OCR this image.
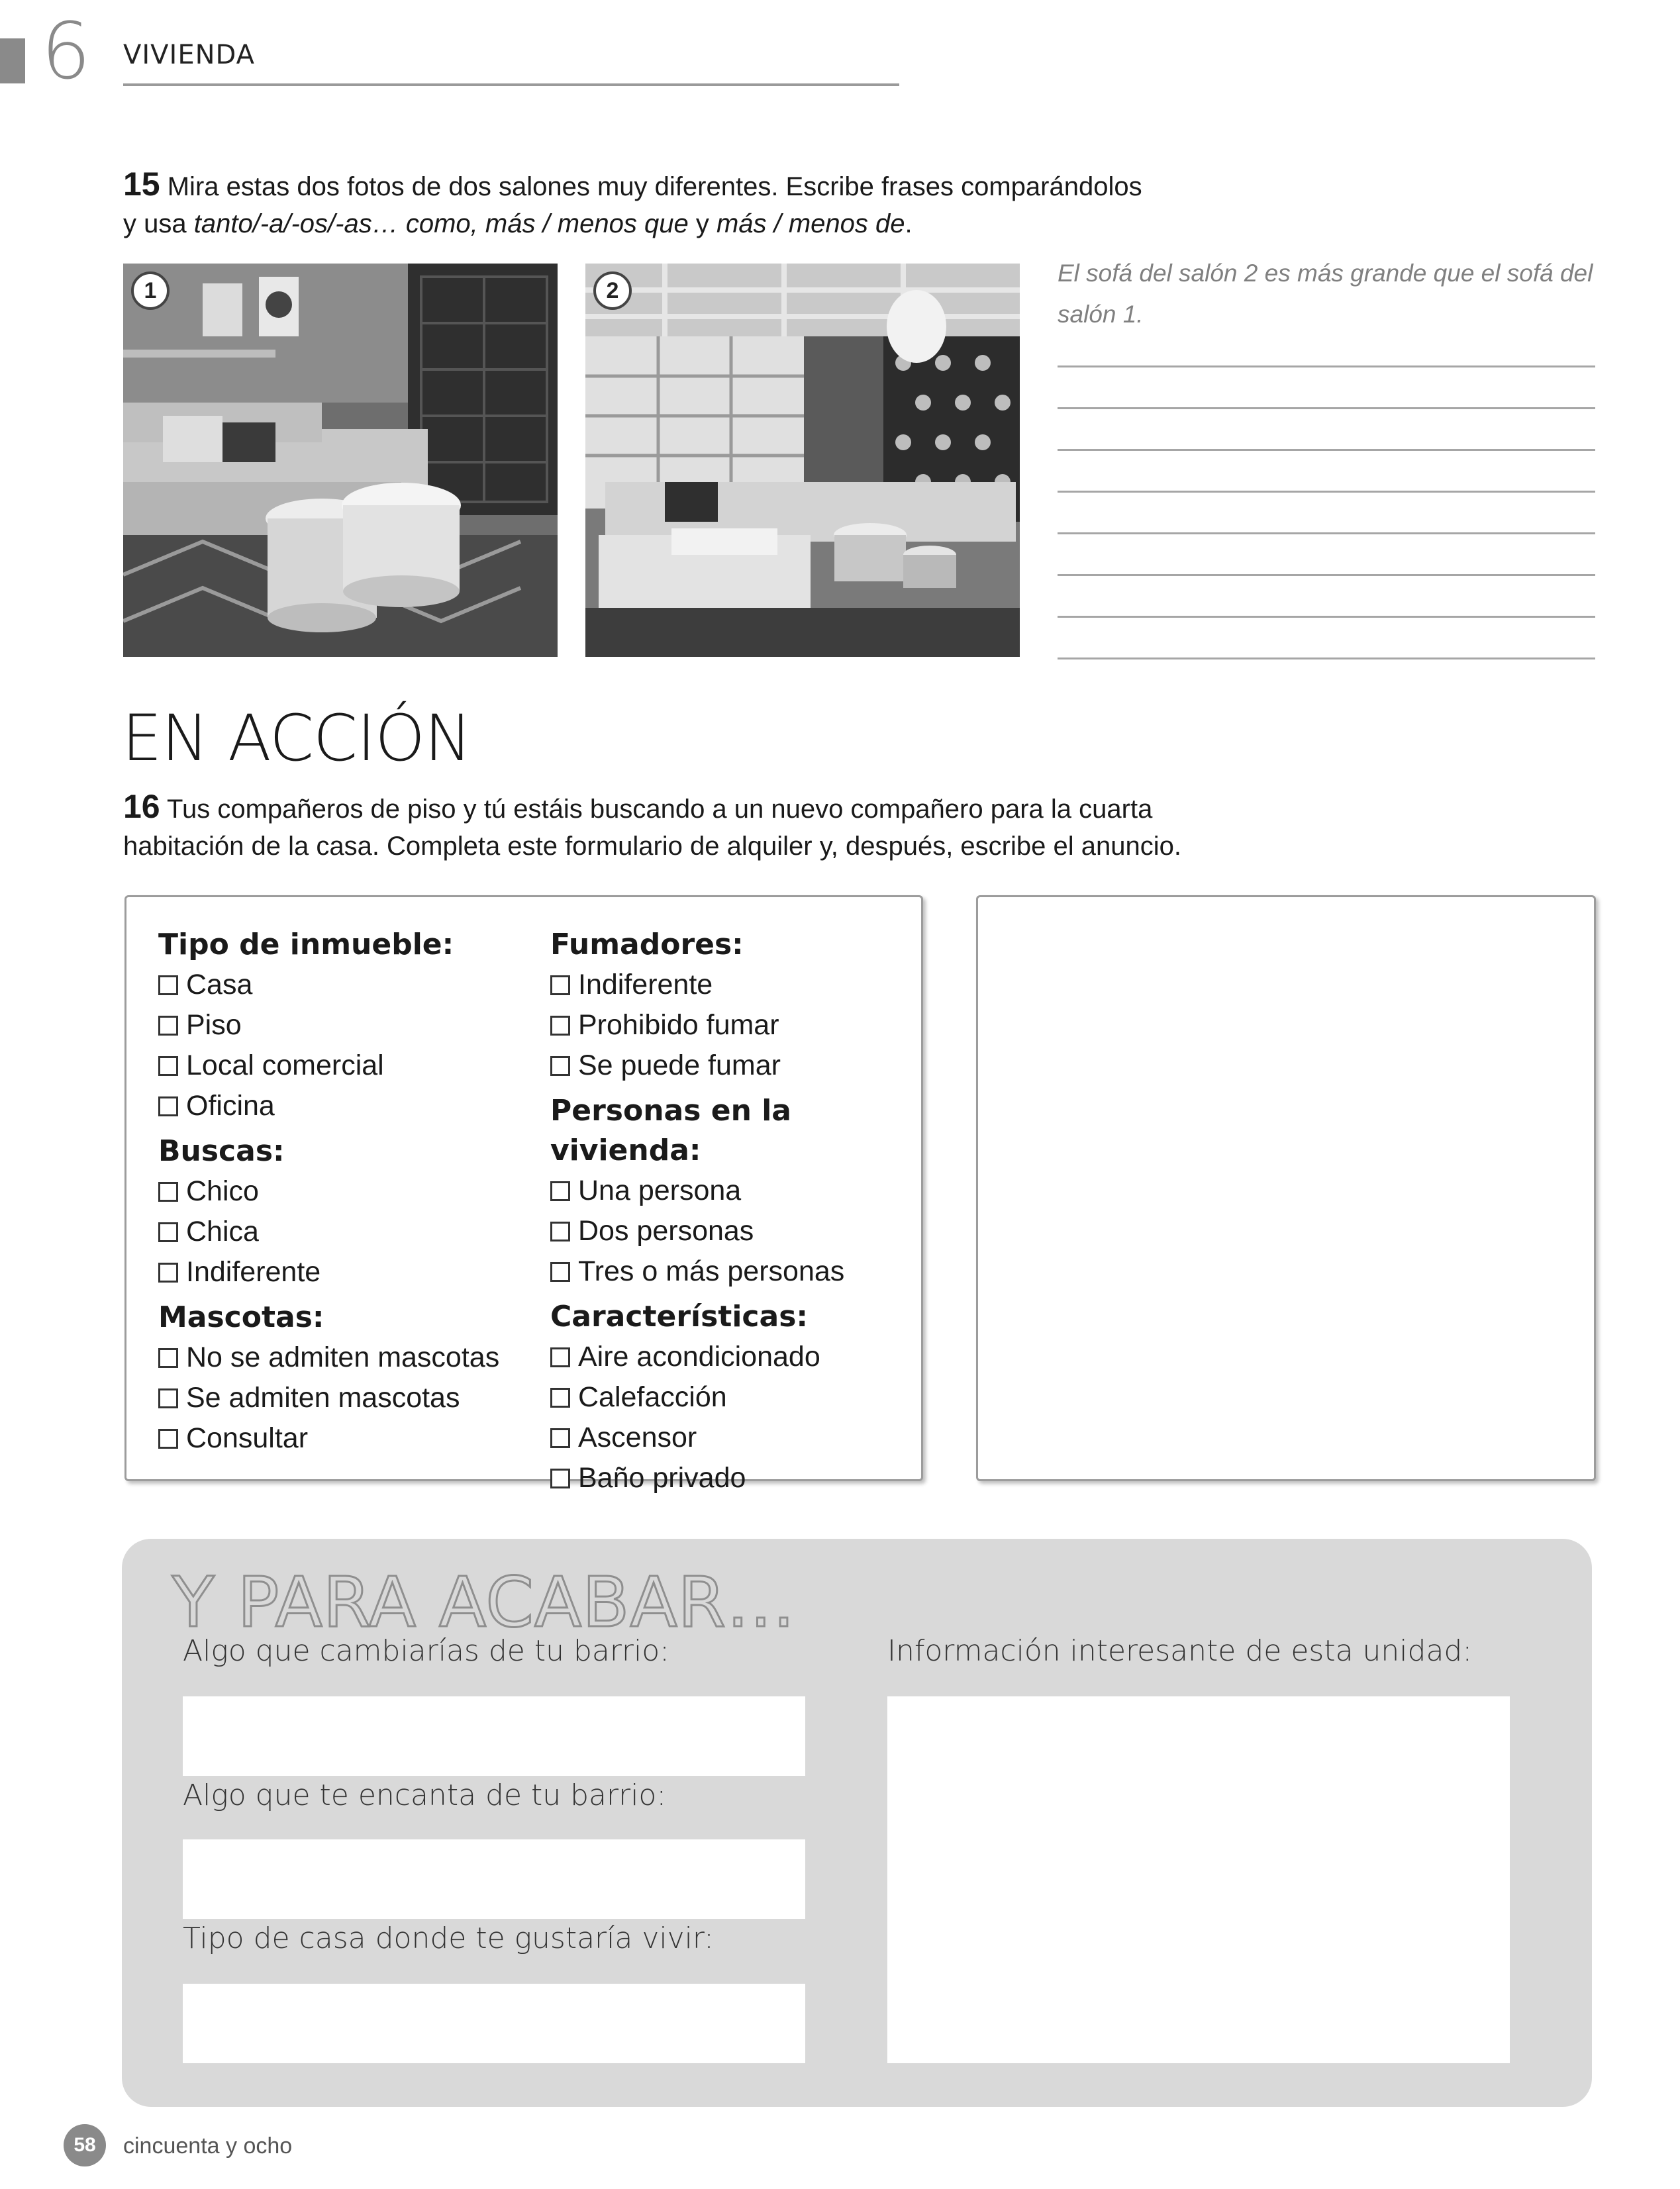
6 VIVIENDA
15 Mira estas dos fotos de dos salones muy diferentes. Escribe frases comparándolos
y usa tanto/-a/-os/-as… como, más / menos que y más / menos de.
1	2
El sofá del salón 2 es más grande que el sofá del salón 1.
EN ACCIÓN
16 Tus compañeros de piso y tú estáis buscando a un nuevo compañero para la cuarta
habitación de la casa. Completa este formulario de alquiler y, después, escribe el anuncio.
Tipo de inmueble:
Casa
Piso
Local comercial
Oficina
Buscas:
Chico
Chica
Indiferente
Mascotas:
No se admiten mascotas
Se admiten mascotas
Consultar
Fumadores:
Indiferente
Prohibido fumar
Se puede fumar
Personas en la vivienda:
Una persona
Dos personas
Tres o más personas
Características:
Aire acondicionado
Calefacción
Ascensor
Baño privado
Y PARA ACABAR…
Algo que cambiarías de tu barrio:
Algo que te encanta de tu barrio:
Tipo de casa donde te gustaría vivir:
Información interesante de esta unidad:
58	cincuenta y ocho
